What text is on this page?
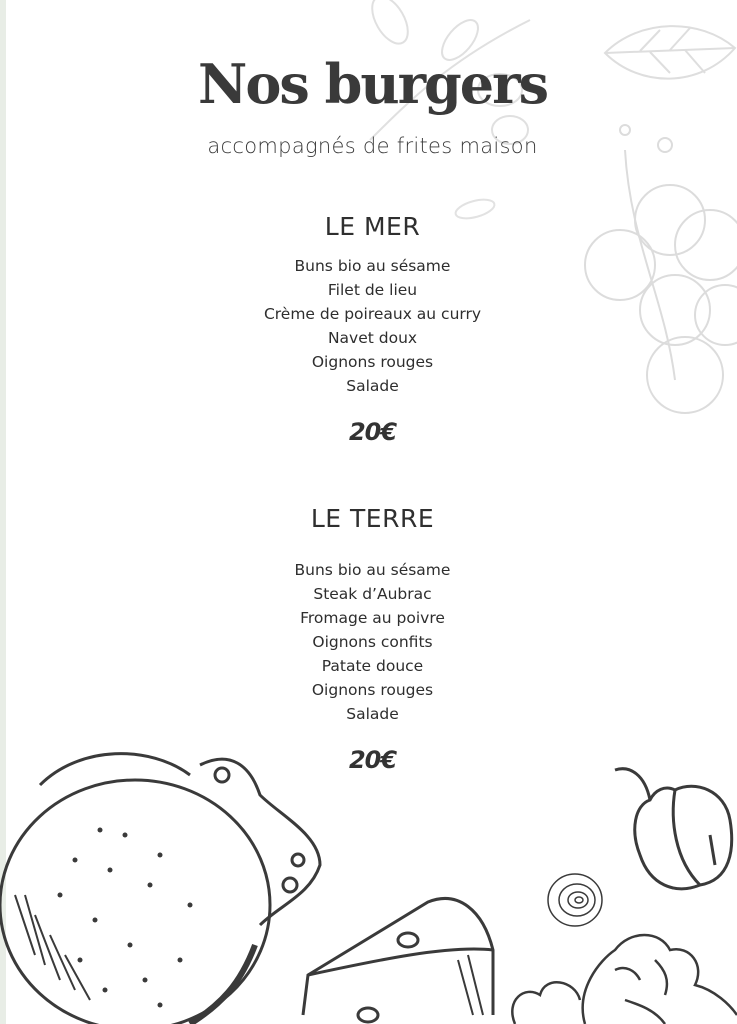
Nos burgers
accompagnés de frites maison
LE MER
Buns bio au sésame
Filet de lieu
Crème de poireaux au curry
Navet doux
Oignons rouges
Salade
20€
LE TERRE
Buns bio au sésame
Steak d’Aubrac
Fromage au poivre
Oignons confits
Patate douce
Oignons rouges
Salade
20€
